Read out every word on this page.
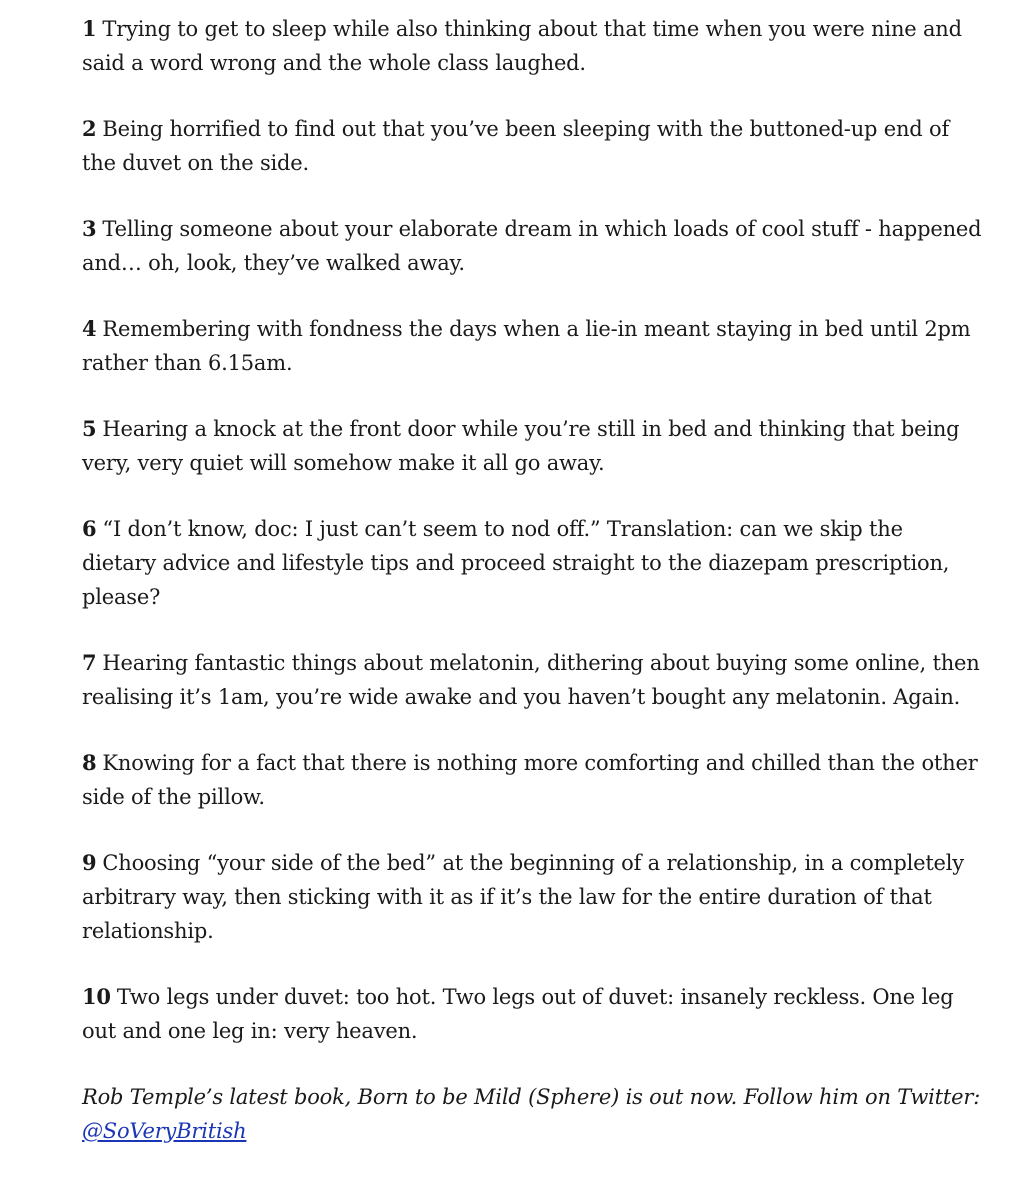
1 Trying to get to sleep while also thinking about that time when you were nine and said a word wrong and the whole class laughed.

2 Being horrified to find out that you’ve been sleeping with the buttoned-up end of the duvet on the side.

3 Telling someone about your elaborate dream in which loads of cool stuff - happened and… oh, look, they’ve walked away.

4 Remembering with fondness the days when a lie-in meant staying in bed until 2pm rather than 6.15am.

5 Hearing a knock at the front door while you’re still in bed and thinking that being very, very quiet will somehow make it all go away.

6 “I don’t know, doc: I just can’t seem to nod off.” Translation: can we skip the dietary advice and lifestyle tips and proceed straight to the diazepam prescription, please?

7 Hearing fantastic things about melatonin, dithering about buying some online, then realising it’s 1am, you’re wide awake and you haven’t bought any melatonin. Again.

8 Knowing for a fact that there is nothing more comforting and chilled than the other side of the pillow.

9 Choosing “your side of the bed” at the beginning of a relationship, in a completely arbitrary way, then sticking with it as if it’s the law for the entire duration of that relationship.

10 Two legs under duvet: too hot. Two legs out of duvet: insanely reckless. One leg out and one leg in: very heaven.

Rob Temple’s latest book, Born to be Mild (Sphere) is out now. Follow him on Twitter: @SoVeryBritish
